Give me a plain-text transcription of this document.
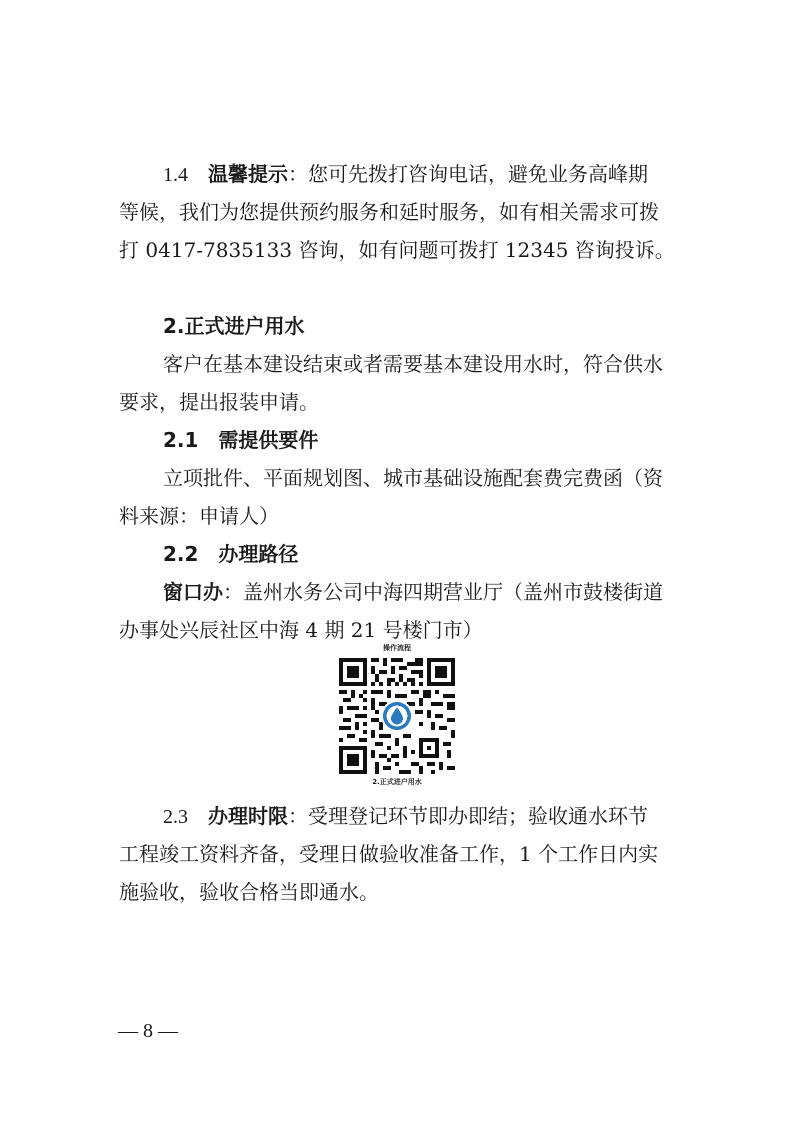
1.4　温馨提示：您可先拨打咨询电话，避免业务高峰期
等候，我们为您提供预约服务和延时服务，如有相关需求可拨
打 0417-7835133 咨询，如有问题可拨打 12345 咨询投诉。
2.正式进户用水
客户在基本建设结束或者需要基本建设用水时，符合供水
要求，提出报装申请。
2.1　需提供要件
立项批件、平面规划图、城市基础设施配套费完费函（资
料来源：申请人）
2.2　办理路径
窗口办：盖州水务公司中海四期营业厅（盖州市鼓楼街道
办事处兴辰社区中海 4 期 21 号楼门市）
操作流程
2.正式进户用水
2.3　办理时限：受理登记环节即办即结；验收通水环节
工程竣工资料齐备，受理日做验收准备工作，1 个工作日内实
施验收，验收合格当即通水。
— 8 —
